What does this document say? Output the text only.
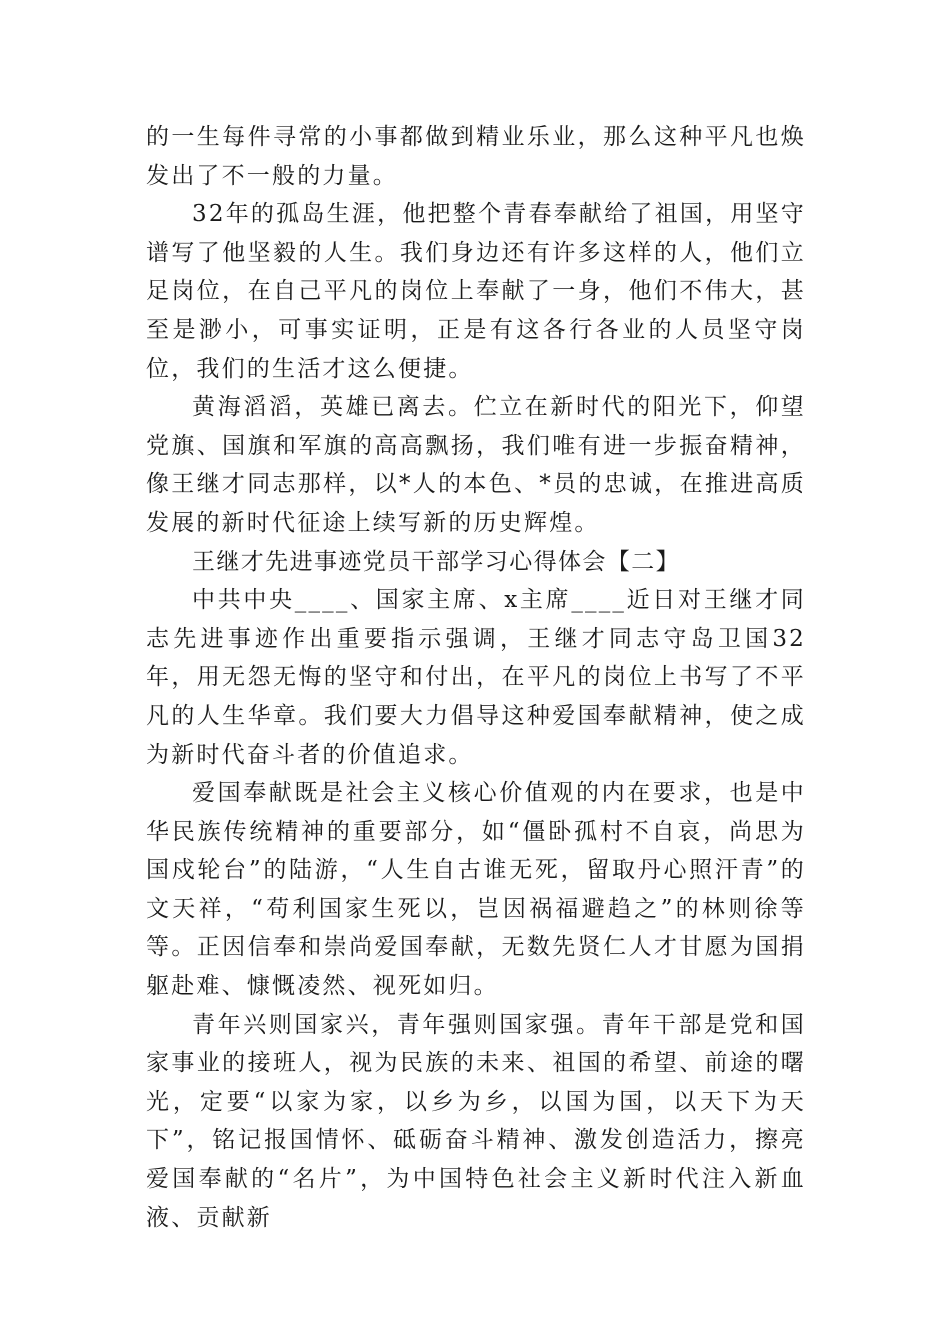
的一生每件寻常的小事都做到精业乐业，那么这种平凡也焕发出了不一般的力量。

32年的孤岛生涯，他把整个青春奉献给了祖国，用坚守谱写了他坚毅的人生。我们身边还有许多这样的人，他们立足岗位，在自己平凡的岗位上奉献了一身，他们不伟大，甚至是渺小，可事实证明，正是有这各行各业的人员坚守岗位，我们的生活才这么便捷。

黄海滔滔，英雄已离去。伫立在新时代的阳光下，仰望党旗、国旗和军旗的高高飘扬，我们唯有进一步振奋精神，像王继才同志那样，以*人的本色、*员的忠诚，在推进高质发展的新时代征途上续写新的历史辉煌。

王继才先进事迹党员干部学习心得体会【二】

中共中央____、国家主席、x主席____近日对王继才同志先进事迹作出重要指示强调，王继才同志守岛卫国32年，用无怨无悔的坚守和付出，在平凡的岗位上书写了不平凡的人生华章。我们要大力倡导这种爱国奉献精神，使之成为新时代奋斗者的价值追求。

爱国奉献既是社会主义核心价值观的内在要求，也是中华民族传统精神的重要部分，如“僵卧孤村不自哀，尚思为国戍轮台”的陆游，“人生自古谁无死，留取丹心照汗青”的文天祥，“苟利国家生死以，岂因祸福避趋之”的林则徐等等。正因信奉和崇尚爱国奉献，无数先贤仁人才甘愿为国捐躯赴难、慷慨凌然、视死如归。

青年兴则国家兴，青年强则国家强。青年干部是党和国家事业的接班人，视为民族的未来、祖国的希望、前途的曙光，定要“以家为家，以乡为乡，以国为国，以天下为天下”，铭记报国情怀、砥砺奋斗精神、激发创造活力，擦亮爱国奉献的“名片”，为中国特色社会主义新时代注入新血液、贡献新
